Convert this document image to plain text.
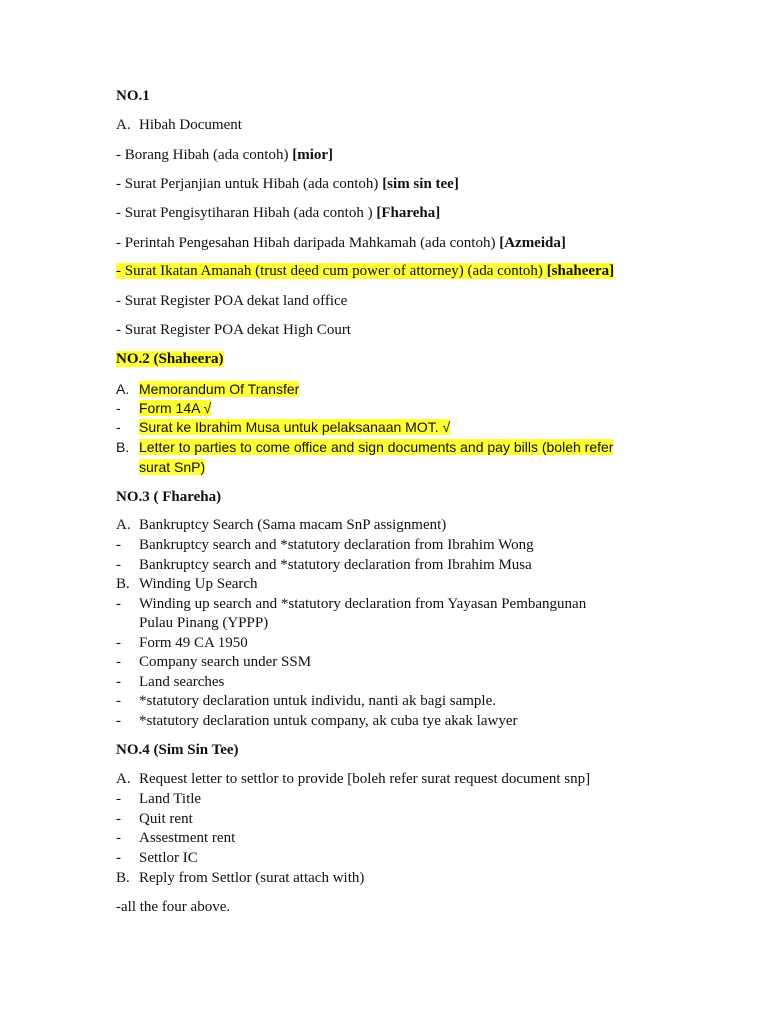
NO.1
A. Hibah Document
- Borang Hibah (ada contoh) [mior]
- Surat Perjanjian untuk Hibah (ada contoh) [sim sin tee]
- Surat Pengisytiharan Hibah (ada contoh ) [Fhareha]
- Perintah Pengesahan Hibah daripada Mahkamah (ada contoh) [Azmeida]
- Surat Ikatan Amanah (trust deed cum power of attorney) (ada contoh) [shaheera]
- Surat Register POA dekat land office
- Surat Register POA dekat High Court
NO.2 (Shaheera)
A. Memorandum Of Transfer
- Form 14A √
- Surat ke Ibrahim Musa untuk pelaksanaan MOT. √
B. Letter to parties to come office and sign documents and pay bills (boleh refer
surat SnP)
NO.3 ( Fhareha)
A. Bankruptcy Search (Sama macam SnP assignment)
- Bankruptcy search and *statutory declaration from Ibrahim Wong
- Bankruptcy search and *statutory declaration from Ibrahim Musa
B. Winding Up Search
- Winding up search and *statutory declaration from Yayasan Pembangunan
Pulau Pinang (YPPP)
- Form 49 CA 1950
- Company search under SSM
- Land searches
- *statutory declaration untuk individu, nanti ak bagi sample.
- *statutory declaration untuk company, ak cuba tye akak lawyer
NO.4 (Sim Sin Tee)
A. Request letter to settlor to provide [boleh refer surat request document snp]
- Land Title
- Quit rent
- Assestment rent
- Settlor IC
B. Reply from Settlor (surat attach with)
-all the four above.
